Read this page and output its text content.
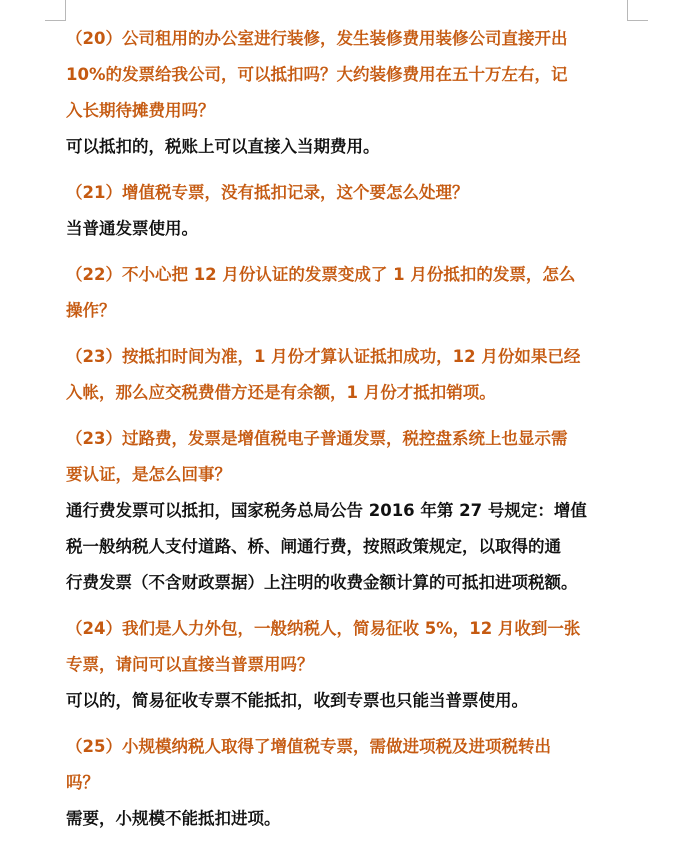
（20）公司租用的办公室进行装修，发生装修费用装修公司直接开出

10%的发票给我公司，可以抵扣吗？大约装修费用在五十万左右，记

入长期待摊费用吗？

可以抵扣的，税账上可以直接入当期费用。

（21）增值税专票，没有抵扣记录，这个要怎么处理？

当普通发票使用。

（22）不小心把 12 月份认证的发票变成了 1 月份抵扣的发票，怎么

操作？

（23）按抵扣时间为准，1 月份才算认证抵扣成功，12 月份如果已经

入帐，那么应交税费借方还是有余额，1 月份才抵扣销项。

（23）过路费，发票是增值税电子普通发票，税控盘系统上也显示需

要认证，是怎么回事？

通行费发票可以抵扣，国家税务总局公告 2016 年第 27 号规定：增值

税一般纳税人支付道路、桥、闸通行费，按照政策规定，以取得的通

行费发票（不含财政票据）上注明的收费金额计算的可抵扣进项税额。

（24）我们是人力外包，一般纳税人，简易征收 5%，12 月收到一张

专票，请问可以直接当普票用吗？

可以的，简易征收专票不能抵扣，收到专票也只能当普票使用。

（25）小规模纳税人取得了增值税专票，需做进项税及进项税转出

吗？

需要，小规模不能抵扣进项。
